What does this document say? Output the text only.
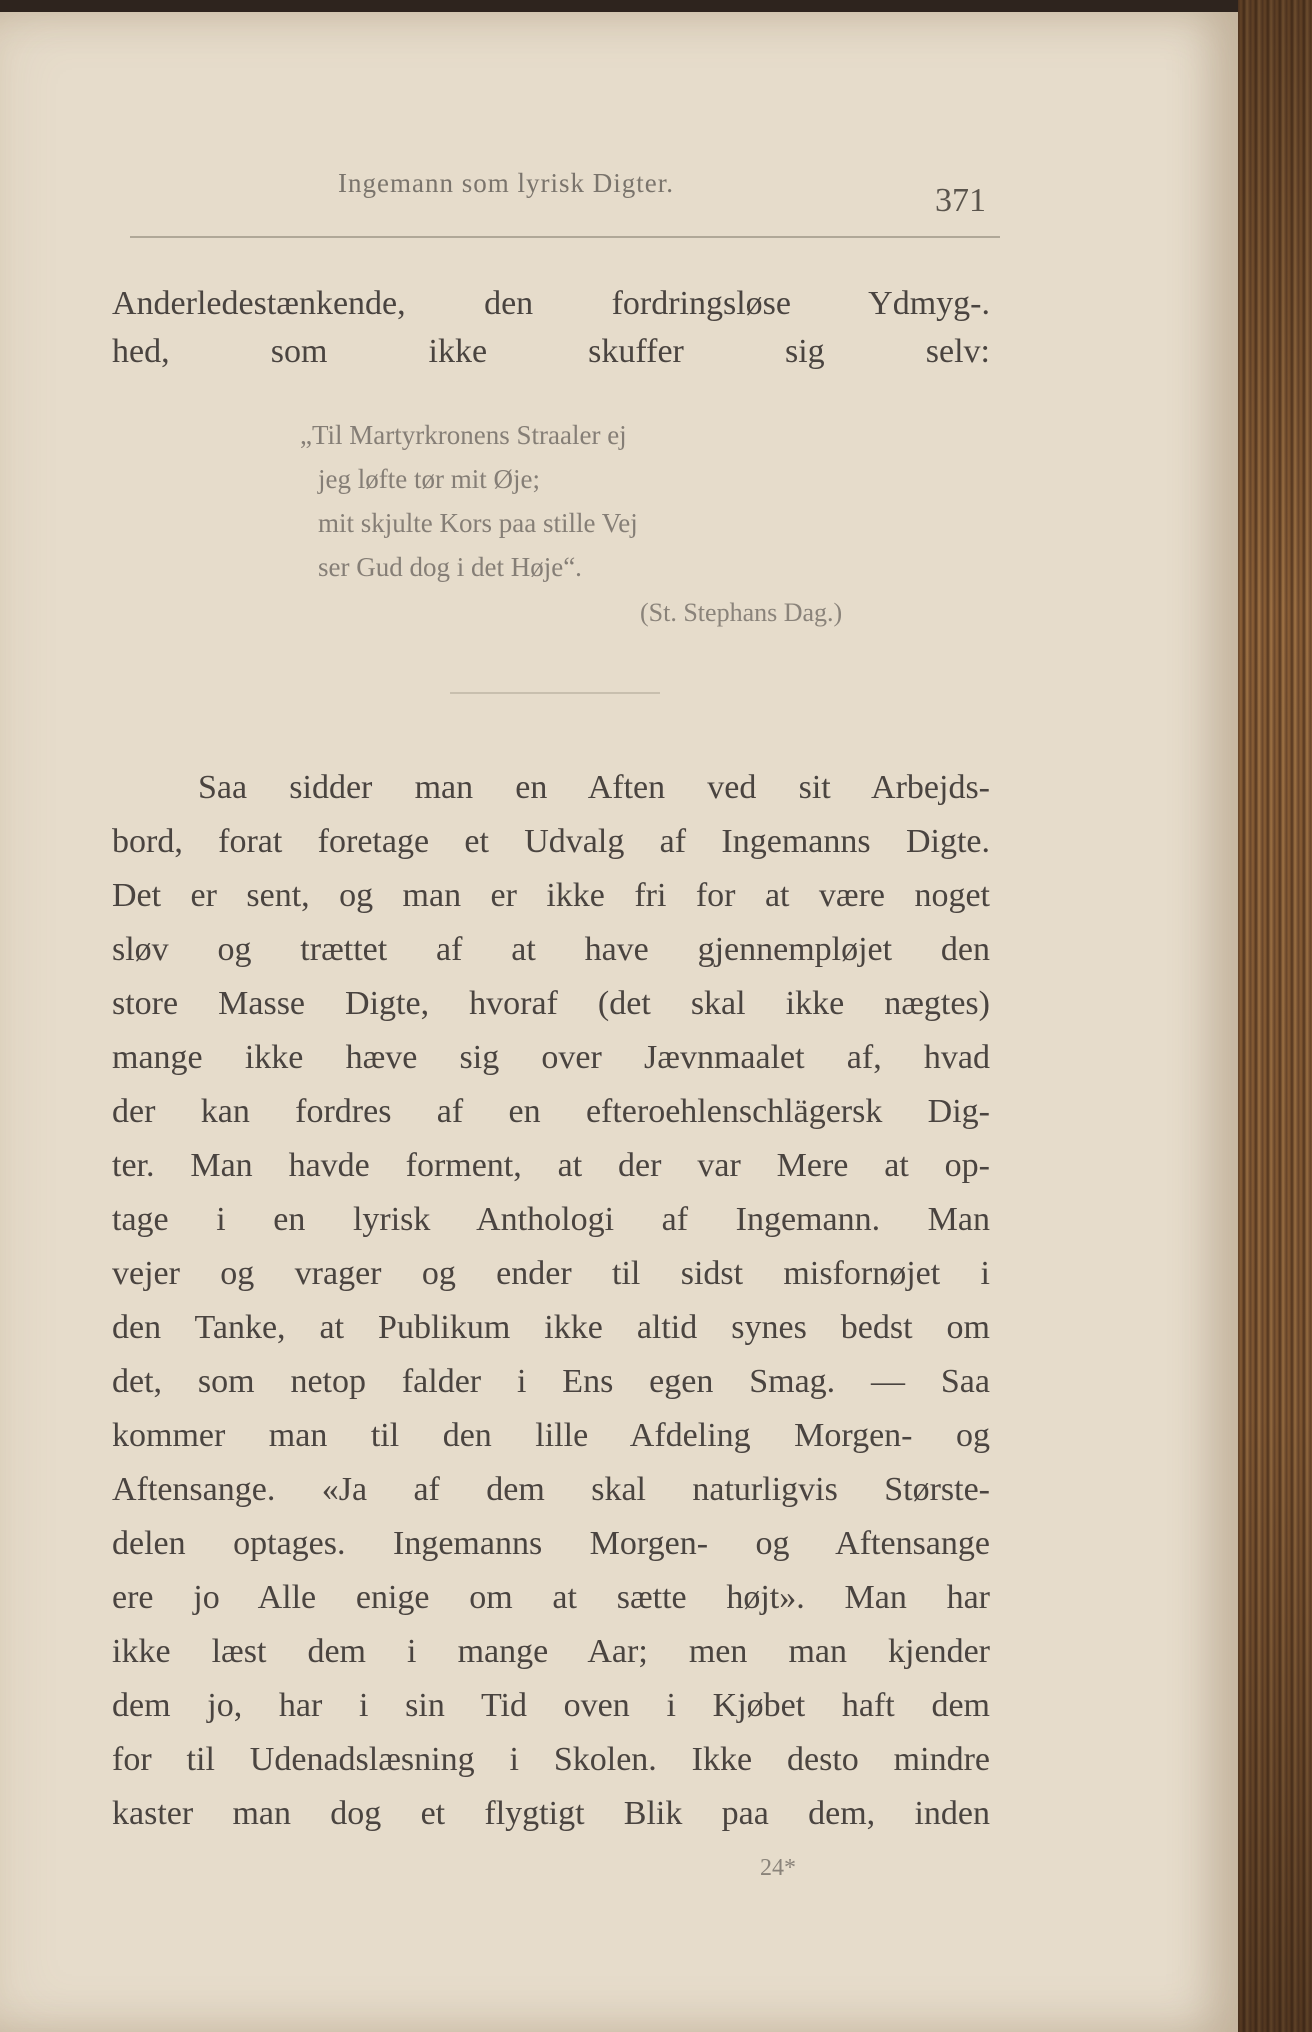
Ingemann som lyrisk Digter.	371
Anderledestænkende, den fordringsløse Ydmyg-.
hed, som ikke skuffer sig selv:
„Til Martyrkronens Straaler ej
jeg løfte tør mit Øje;
mit skjulte Kors paa stille Vej
ser Gud dog i det Høje“.
(St. Stephans Dag.)
Saa sidder man en Aften ved sit Arbejds-
bord, forat foretage et Udvalg af Ingemanns Digte.
Det er sent, og man er ikke fri for at være noget
sløv og trættet af at have gjennempløjet den
store Masse Digte, hvoraf (det skal ikke nægtes)
mange ikke hæve sig over Jævnmaalet af, hvad
der kan fordres af en efteroehlenschlägersk Dig-
ter. Man havde forment, at der var Mere at op-
tage i en lyrisk Anthologi af Ingemann. Man
vejer og vrager og ender til sidst misfornøjet i
den Tanke, at Publikum ikke altid synes bedst om
det, som netop falder i Ens egen Smag. — Saa
kommer man til den lille Afdeling Morgen- og
Aftensange. «Ja af dem skal naturligvis Største-
delen optages. Ingemanns Morgen- og Aftensange
ere jo Alle enige om at sætte højt». Man har
ikke læst dem i mange Aar; men man kjender
dem jo, har i sin Tid oven i Kjøbet haft dem
for til Udenadslæsning i Skolen. Ikke desto mindre
kaster man dog et flygtigt Blik paa dem, inden
24*
